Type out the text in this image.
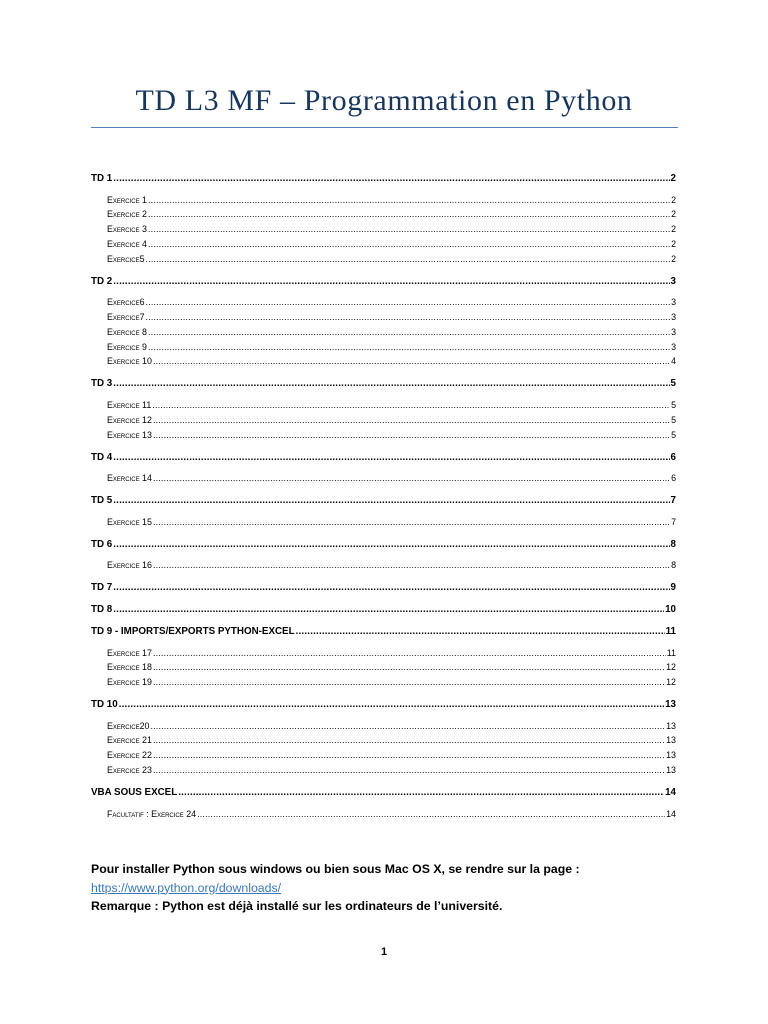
TD L3 MF – Programmation en Python
TD 1 .....	2
Exercice 1 .....	2
Exercice 2 .....	2
Exercice 3 .....	2
Exercice 4 .....	2
Exercice5 .....	2
TD 2 .....	3
Exercice6 .....	3
Exercice7 .....	3
Exercice 8 .....	3
Exercice 9 .....	3
Exercice 10 .....	4
TD 3 .....	5
Exercice 11 .....	5
Exercice 12 .....	5
Exercice 13 .....	5
TD 4 .....	6
Exercice 14 .....	6
TD 5 .....	7
Exercice 15 .....	7
TD 6 .....	8
Exercice 16 .....	8
TD 7 .....	9
TD 8 .....	10
TD 9 - IMPORTS/EXPORTS PYTHON-EXCEL .....	11
Exercice 17 .....	11
Exercice 18 .....	12
Exercice 19 .....	12
TD 10 .....	13
Exercice20 .....	13
Exercice 21 .....	13
Exercice 22 .....	13
Exercice 23 .....	13
VBA SOUS EXCEL .....	14
Facultatif : Exercice 24 .....	14
Pour installer Python sous windows ou bien sous Mac OS X, se rendre sur la page :
https://www.python.org/downloads/
Remarque : Python est déjà installé sur les ordinateurs de l’université.
1
